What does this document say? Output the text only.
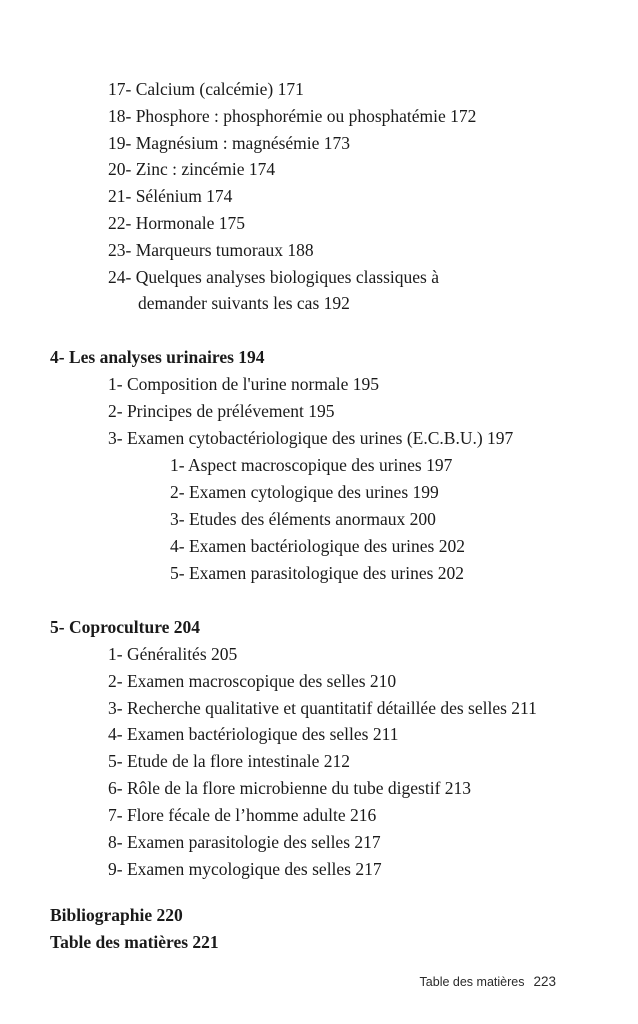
17- Calcium (calcémie) 171
18- Phosphore : phosphorémie ou phosphatémie 172
19- Magnésium : magnésémie 173
20- Zinc : zincémie 174
21- Sélénium 174
22- Hormonale 175
23- Marqueurs tumoraux 188
24- Quelques analyses biologiques classiques à
demander suivants les cas 192
4- Les analyses urinaires 194
1- Composition de l'urine normale 195
2- Principes de prélévement 195
3- Examen cytobactériologique des urines (E.C.B.U.) 197
1- Aspect macroscopique des urines 197
2- Examen cytologique des urines 199
3- Etudes des éléments anormaux 200
4- Examen bactériologique des urines 202
5- Examen parasitologique des urines 202
5- Coproculture 204
1- Généralités 205
2- Examen macroscopique des selles 210
3- Recherche qualitative et quantitatif détaillée des selles 211
4- Examen bactériologique des selles 211
5- Etude de la flore intestinale 212
6- Rôle de la flore microbienne du tube digestif 213
7- Flore fécale de l’homme adulte 216
8- Examen parasitologie des selles 217
9- Examen mycologique des selles 217
Bibliographie 220
Table des matières 221
Table des matières 223
